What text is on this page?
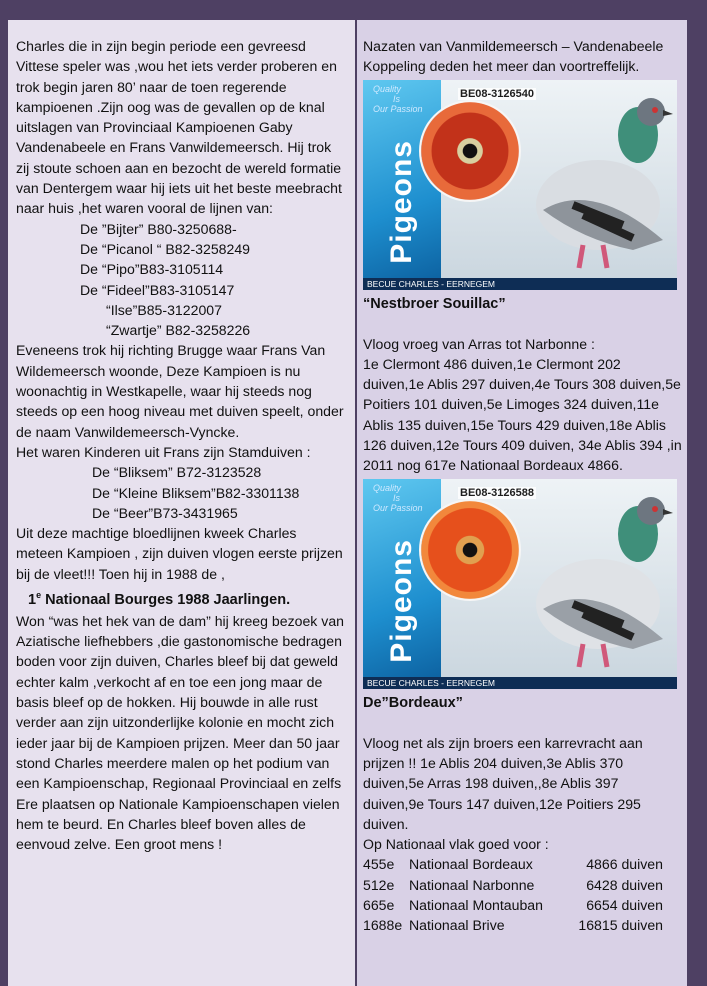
Charles die in zijn begin periode een gevreesd Vittese speler was ,wou het iets verder proberen en trok begin jaren 80’ naar de toen regerende kampioenen .Zijn oog was de gevallen op de knal uitslagen van Provinciaal Kampioenen Gaby Vandenabeele en Frans Vanwildemeersch. Hij trok zij stoute schoen aan en bezocht de wereld formatie van Dentergem waar hij iets uit het beste meebracht naar huis ,het waren vooral de lijnen van:
De ”Bijter” B80-3250688-
De “Picanol “ B82-3258249
De “Pipo”B83-3105114
De “Fideel”B83-3105147
“Ilse”B85-3122007
“Zwartje” B82-3258226
Eveneens trok hij richting Brugge waar Frans Van Wildemeersch woonde, Deze Kampioen is nu woonachtig in Westkapelle, waar hij steeds nog steeds op een hoog niveau met duiven speelt, onder de naam Vanwildemeersch-Vyncke.
Het waren Kinderen uit Frans zijn Stamduiven :
De “Bliksem” B72-3123528
De “Kleine Bliksem”B82-3301138
De “Beer”B73-3431965
Uit deze machtige bloedlijnen kweek Charles meteen Kampioen , zijn duiven vlogen eerste prijzen bij de vleet!!! Toen hij in 1988 de ,
1e Nationaal Bourges 1988 Jaarlingen.
Won “was het hek van de dam” hij kreeg bezoek van Aziatische liefhebbers ,die gastonomische bedragen boden voor zijn duiven, Charles bleef bij dat geweld echter kalm ,verkocht af en toe een jong maar de basis bleef op de hokken. Hij bouwde in alle rust verder aan zijn uitzonderlijke kolonie en mocht zich ieder jaar bij de Kampioen prijzen. Meer dan 50 jaar stond Charles meerdere malen op het podium van een Kampioenschap, Regionaal Provinciaal en zelfs Ere plaatsen op Nationale Kampioenschapen vielen hem te beurd. En Charles bleef boven alles de eenvoud zelve. Een groot mens !
Nazaten van Vanmildemeersch – Vandenabeele Koppeling deden het meer dan voortreffelijk.
Quality
Is
Our Passion
Pigeons
BE08-3126540
BECUE CHARLES - EERNEGEM
“Nestbroer Souillac”
Vloog vroeg van Arras tot Narbonne :
1e Clermont 486 duiven,1e Clermont 202 duiven,1e Ablis 297 duiven,4e Tours 308 duiven,5e Poitiers 101 duiven,5e Limoges 324 duiven,11e Ablis 135 duiven,15e Tours 429 duiven,18e Ablis 126 duiven,12e Tours 409 duiven, 34e Ablis 394 ,in 2011 nog 617e Nationaal Bordeaux 4866.
Quality
Is
Our Passion
Pigeons
BE08-3126588
BECUE CHARLES - EERNEGEM
De”Bordeaux”
Vloog net als zijn broers een karrevracht aan prijzen !! 1e Ablis 204 duiven,3e Ablis 370 duiven,5e Arras 198 duiven,,8e Ablis 397 duiven,9e Tours 147 duiven,12e Poitiers 295 duiven.
Op Nationaal vlak goed voor :
455e	Nationaal Bordeaux	4866 duiven
512e	Nationaal Narbonne	6428 duiven
665e	Nationaal Montauban	6654 duiven
1688e Nationaal Brive	16815 duiven
